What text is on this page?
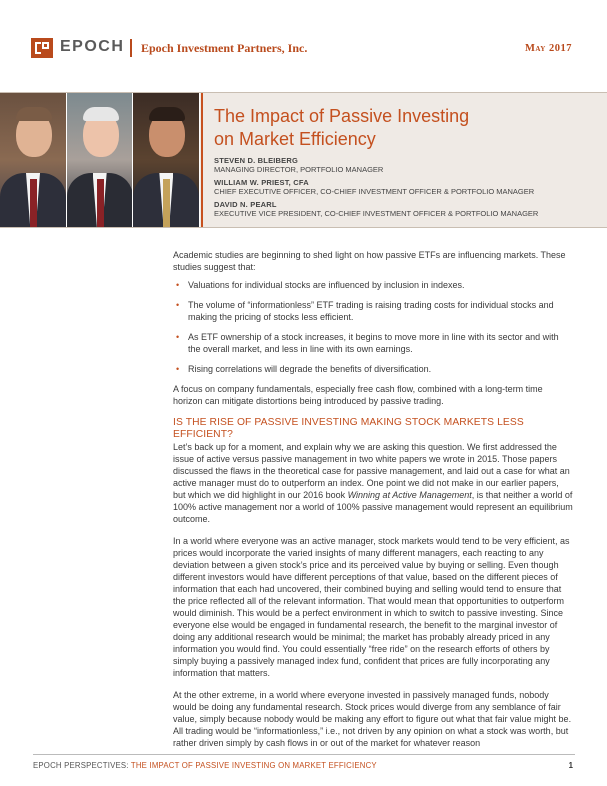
EPOCH Epoch Investment Partners, Inc.	May 2017
The Impact of Passive Investing
on Market Efficiency
STEVEN D. BLEIBERG
MANAGING DIRECTOR, PORTFOLIO MANAGER
WILLIAM W. PRIEST, CFA
CHIEF EXECUTIVE OFFICER, CO-CHIEF INVESTMENT OFFICER & PORTFOLIO MANAGER
DAVID N. PEARL
EXECUTIVE VICE PRESIDENT, CO-CHIEF INVESTMENT OFFICER & PORTFOLIO MANAGER

Academic studies are beginning to shed light on how passive ETFs are influencing markets. These studies suggest that:

• Valuations for individual stocks are influenced by inclusion in indexes.
• The volume of “informationless” ETF trading is raising trading costs for individual stocks and making the pricing of stocks less efficient.
• As ETF ownership of a stock increases, it begins to move more in line with its sector and with the overall market, and less in line with its own earnings.
• Rising correlations will degrade the benefits of diversification.

A focus on company fundamentals, especially free cash flow, combined with a long-term time horizon can mitigate distortions being introduced by passive trading.

IS THE RISE OF PASSIVE INVESTING MAKING STOCK MARKETS LESS EFFICIENT?

Let’s back up for a moment, and explain why we are asking this question. We first addressed the issue of active versus passive management in two white papers we wrote in 2015. Those papers discussed the flaws in the theoretical case for passive management, and laid out a case for what an active manager must do to outperform an index. One point we did not make in our earlier papers, but which we did highlight in our 2016 book Winning at Active Management, is that neither a world of 100% active management nor a world of 100% passive management would represent an equilibrium outcome.

In a world where everyone was an active manager, stock markets would tend to be very efficient, as prices would incorporate the varied insights of many different managers, each reacting to any deviation between a given stock’s price and its perceived value by buying or selling. Even though different investors would have different perceptions of that value, based on the different pieces of information that each had uncovered, their combined buying and selling would tend to ensure that the price reflected all of the relevant information. That would mean that opportunities to outperform would diminish. This would be a perfect environment in which to switch to passive investing. Since everyone else would be engaged in fundamental research, the benefit to the marginal investor of doing any additional research would be minimal; the market has probably already priced in any information you would find. You could essentially “free ride” on the research efforts of others by simply buying a passively managed index fund, confident that prices are fully incorporating any information that matters.

At the other extreme, in a world where everyone invested in passively managed funds, nobody would be doing any fundamental research. Stock prices would diverge from any semblance of fair value, simply because nobody would be making any effort to figure out what that fair value might be. All trading would be “informationless,” i.e., not driven by any opinion on what a stock was worth, but rather driven simply by cash flows in or out of the market for whatever reason

EPOCH PERSPECTIVES: THE IMPACT OF PASSIVE INVESTING ON MARKET EFFICIENCY	1
